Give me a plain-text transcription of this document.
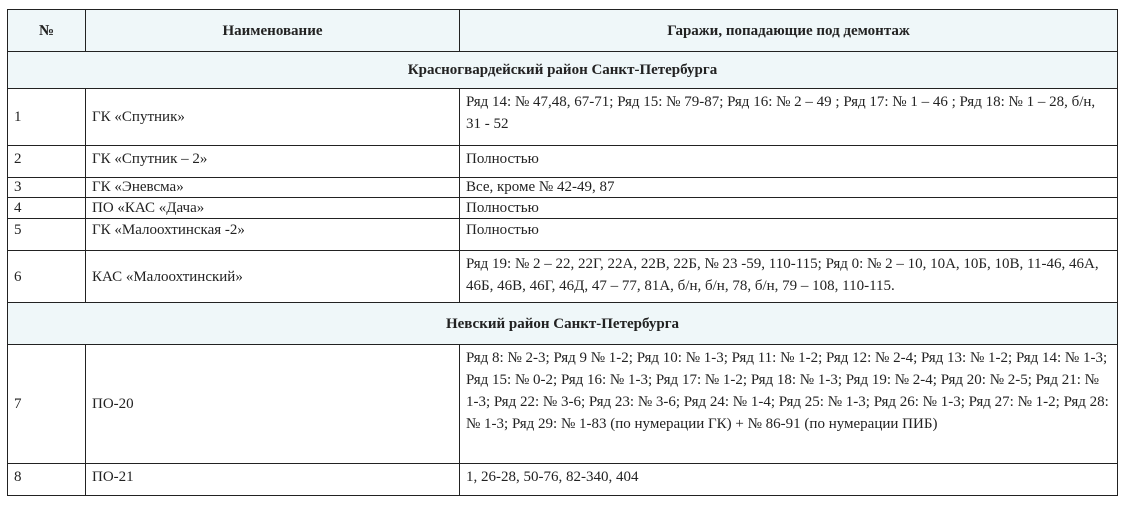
№	Наименование	Гаражи, попадающие под демонтаж
Красногвардейский район Санкт-Петербурга		
1	ГК «Спутник»	Ряд 14: № 47,48, 67-71; Ряд 15: № 79-87; Ряд 16: № 2 – 49 ; Ряд 17: № 1 – 46 ; Ряд 18: № 1 – 28, б/н, 31 - 52
2	ГК «Спутник – 2»	Полностью
3	ГК «Эневсма»	Все, кроме № 42-49, 87
4	ПО «КАС «Дача»	Полностью
5	ГК «Малоохтинская -2»	Полностью
6	КАС «Малоохтинский»	Ряд 19: № 2 – 22, 22Г, 22А, 22В, 22Б, № 23 -59, 110-115; Ряд 0: № 2 – 10, 10А, 10Б, 10В, 11-46, 46А, 46Б, 46В, 46Г, 46Д, 47 – 77, 81А, б/н, б/н, 78, б/н, 79 – 108, 110-115.
Невский район Санкт-Петербурга		
7	ПО-20	Ряд 8: № 2-3; Ряд 9 № 1-2; Ряд 10: № 1-3; Ряд 11: № 1-2; Ряд 12: № 2-4; Ряд 13: № 1-2; Ряд 14: № 1-3; Ряд 15: № 0-2; Ряд 16: № 1-3; Ряд 17: № 1-2; Ряд 18: № 1-3; Ряд 19: № 2-4; Ряд 20: № 2-5; Ряд 21: № 1-3; Ряд 22: № 3-6; Ряд 23: № 3-6; Ряд 24: № 1-4; Ряд 25: № 1-3; Ряд 26: № 1-3; Ряд 27: № 1-2; Ряд 28: № 1-3; Ряд 29: № 1-83 (по нумерации ГК) + № 86-91 (по нумерации ПИБ)
8	ПО-21	1, 26-28, 50-76, 82-340, 404
